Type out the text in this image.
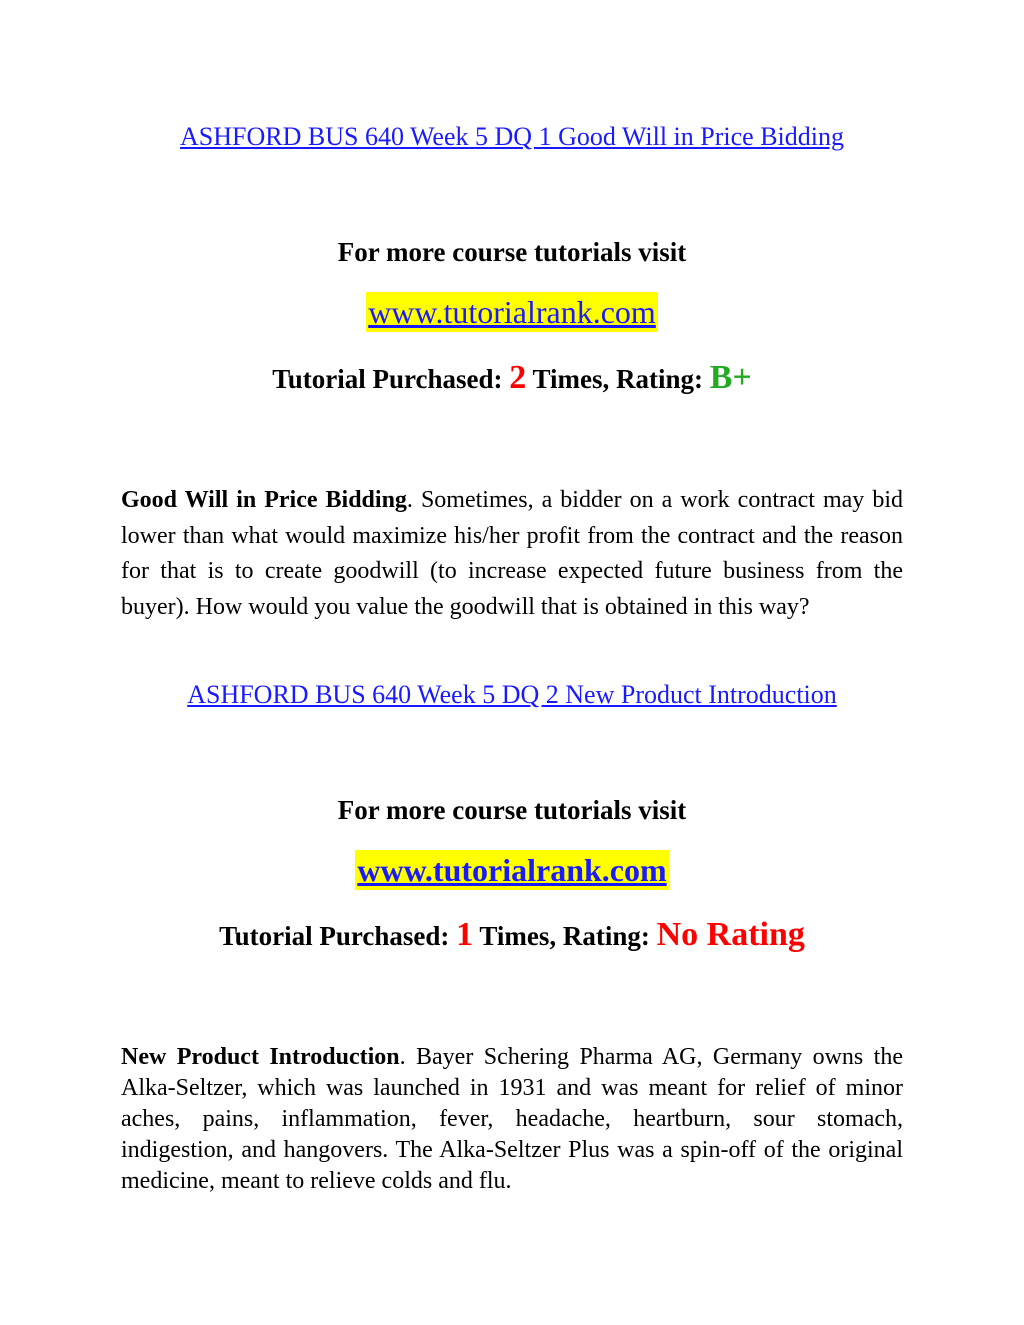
ASHFORD BUS 640 Week 5 DQ 1 Good Will in Price Bidding
For more course tutorials visit
www.tutorialrank.com
Tutorial Purchased: 2 Times, Rating: B+
Good Will in Price Bidding. Sometimes, a bidder on a work contract may bid lower than what would maximize his/her profit from the contract and the reason for that is to create goodwill (to increase expected future business from the buyer). How would you value the goodwill that is obtained in this way?
ASHFORD BUS 640 Week 5 DQ 2 New Product Introduction
For more course tutorials visit
www.tutorialrank.com
Tutorial Purchased: 1 Times, Rating: No Rating
New Product Introduction. Bayer Schering Pharma AG, Germany owns the Alka-Seltzer, which was launched in 1931 and was meant for relief of minor aches, pains, inflammation, fever, headache, heartburn, sour stomach, indigestion, and hangovers. The Alka-Seltzer Plus was a spin-off of the original medicine, meant to relieve colds and flu.
